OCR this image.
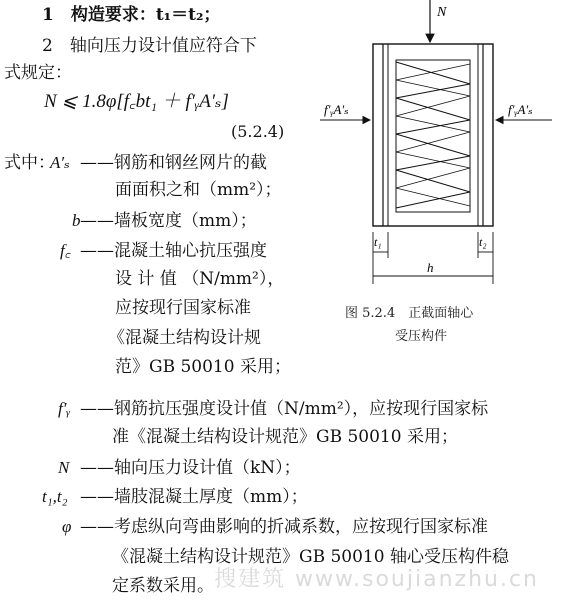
1　构造要求：t₁＝t₂；
2　轴向压力设计值应符合下
式规定：
N ⩽ 1.8φ[f꜀bt₁ ＋ f′ᵧA′ₛ]
(5.2.4)
式中：
A′ₛ ——钢筋和钢丝网片的截
面面积之和（mm²）；
b ——墙板宽度（mm）；
f꜀ ——混凝土轴心抗压强度
设 计 值 （N/mm²），
应按现行国家标准
《混凝土结构设计规
范》GB 50010 采用；
f′ᵧ ——钢筋抗压强度设计值（N/mm²），应按现行国家标
准《混凝土结构设计规范》GB 50010 采用；
N ——轴向压力设计值（kN）；
t₁,t₂ ——墙肢混凝土厚度（mm）；
φ ——考虑纵向弯曲影响的折减系数，应按现行国家标准
《混凝土结构设计规范》GB 50010 轴心受压构件稳
定系数采用。
N
f′ᵧA′ₛ	f′ᵧA′ₛ
t₁	t₂
h
图 5.2.4　正截面轴心
受压构件
搜建筑 www.soujianzhu.cn
